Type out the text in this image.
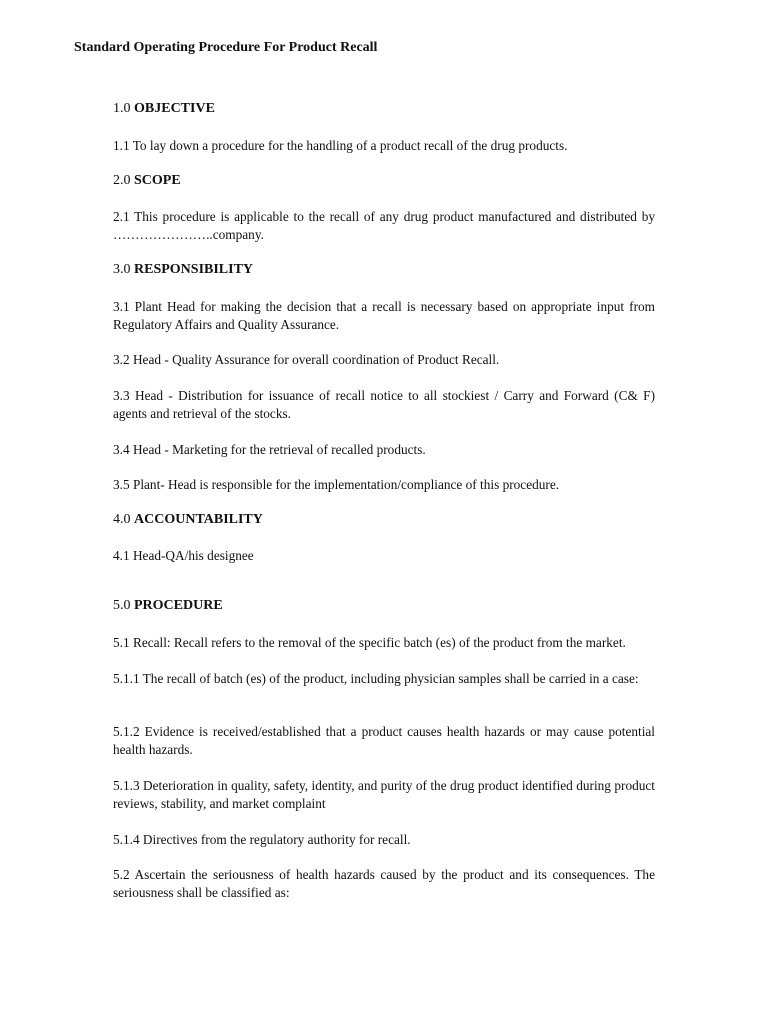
Standard Operating Procedure For Product Recall
1.0 OBJECTIVE
1.1 To lay down a procedure for the handling of a product recall of the drug products.
2.0 SCOPE
2.1 This procedure is applicable to the recall of any drug product manufactured and distributed by …………………..company.
3.0 RESPONSIBILITY
3.1 Plant Head for making the decision that a recall is necessary based on appropriate input from Regulatory Affairs and Quality Assurance.
3.2 Head - Quality Assurance for overall coordination of Product Recall.
3.3 Head - Distribution for issuance of recall notice to all stockiest / Carry and Forward (C& F) agents and retrieval of the stocks.
3.4 Head - Marketing for the retrieval of recalled products.
3.5 Plant- Head is responsible for the implementation/compliance of this procedure.
4.0 ACCOUNTABILITY
4.1 Head-QA/his designee
5.0 PROCEDURE
5.1 Recall: Recall refers to the removal of the specific batch (es) of the product from the market.
5.1.1 The recall of batch (es) of the product, including physician samples shall be carried in a case:
5.1.2 Evidence is received/established that a product causes health hazards or may cause potential health hazards.
5.1.3 Deterioration in quality, safety, identity, and purity of the drug product identified during product reviews, stability, and market complaint
5.1.4 Directives from the regulatory authority for recall.
5.2 Ascertain the seriousness of health hazards caused by the product and its consequences. The seriousness shall be classified as:
